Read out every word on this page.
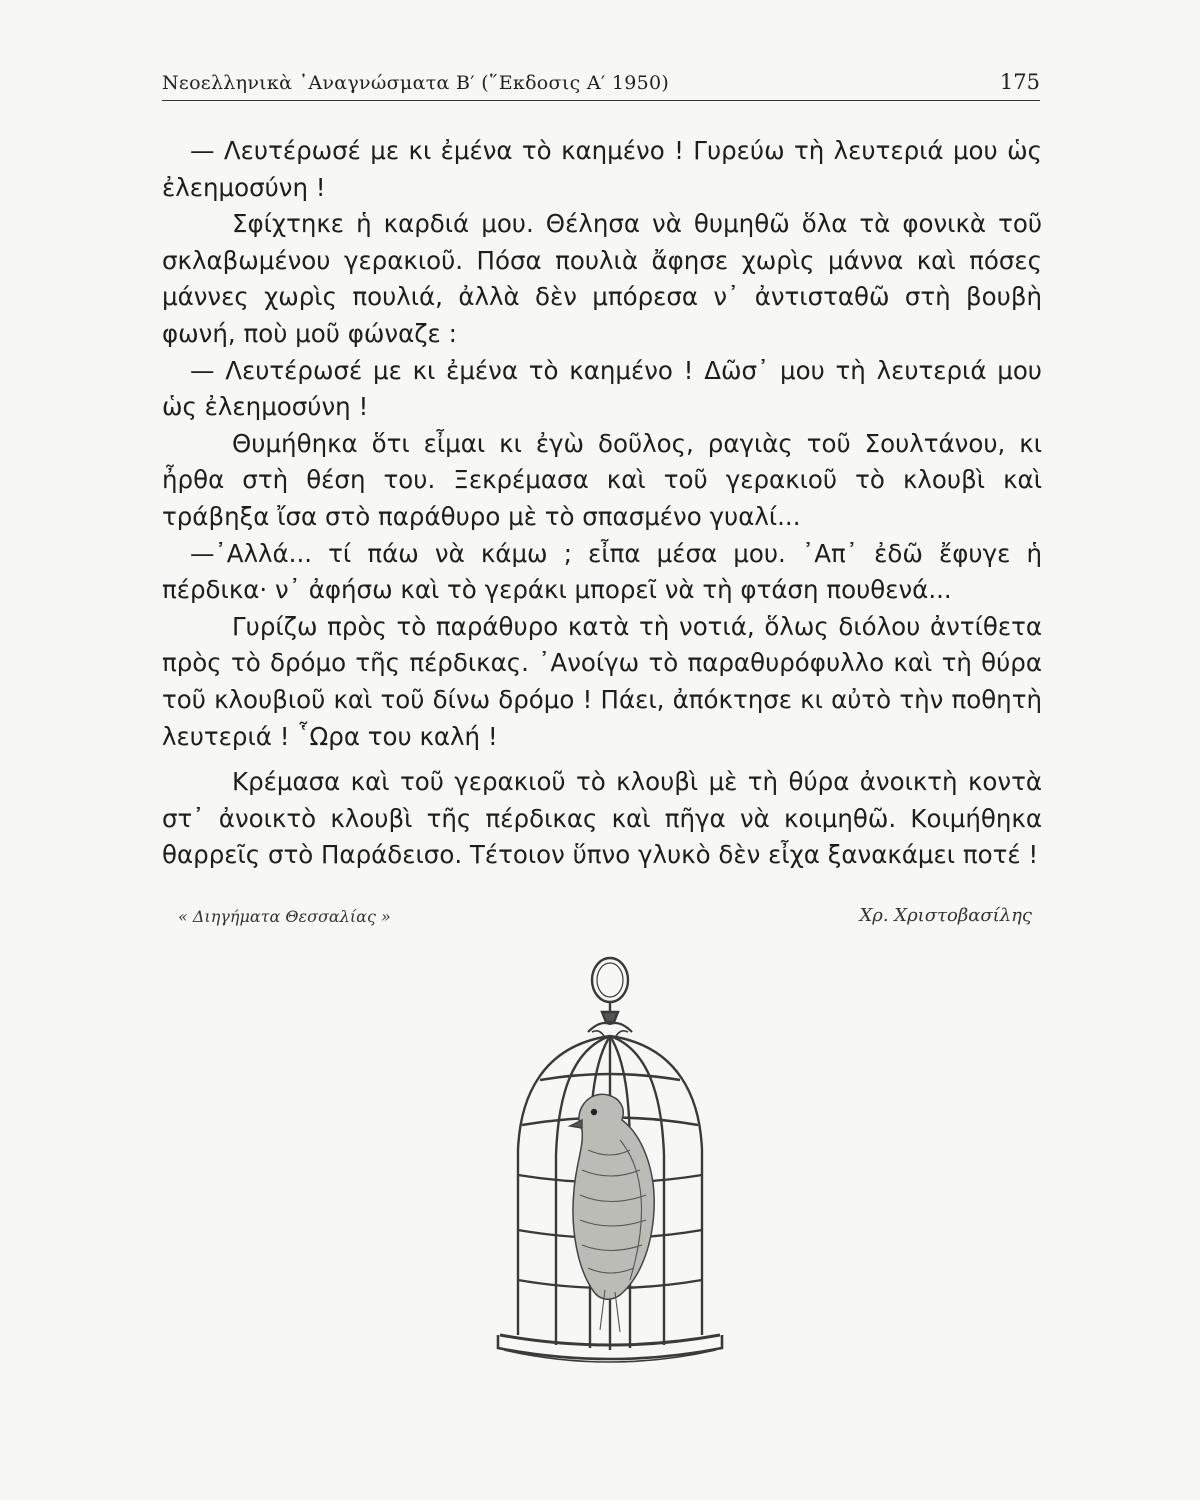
Νεοελληνικὰ ᾿Αναγνώσματα Β′ (῞Εκδοσις Α′ 1950)	175

— Λευτέρωσέ με κι ἐμένα τὸ καημένο ! Γυρεύω τὴ λευτεριά μου ὡς ἐλεημοσύνη !

Σφίχτηκε ἡ καρδιά μου. Θέλησα νὰ θυμηθῶ ὅλα τὰ φονικὰ τοῦ σκλαβωμένου γερακιοῦ. Πόσα πουλιὰ ἄφησε χωρὶς μάννα καὶ πόσες μάννες χωρὶς πουλιά, ἀλλὰ δὲν μπόρεσα ν᾿ ἀντισταθῶ στὴ βουβὴ φωνή, ποὺ μοῦ φώναζε :

— Λευτέρωσέ με κι ἐμένα τὸ καημένο ! Δῶσ᾿ μου τὴ λευτεριά μου ὡς ἐλεημοσύνη !

Θυμήθηκα ὅτι εἶμαι κι ἐγὼ δοῦλος, ραγιὰς τοῦ Σουλτάνου, κι ἦρθα στὴ θέση του. Ξεκρέμασα καὶ τοῦ γερακιοῦ τὸ κλουβὶ καὶ τράβηξα ἴσα στὸ παράθυρο μὲ τὸ σπασμένο γυαλί...

—᾿Αλλά... τί πάω νὰ κάμω ; εἶπα μέσα μου. ᾿Απ᾿ ἐδῶ ἔφυγε ἡ πέρδικα· ν᾿ ἀφήσω καὶ τὸ γεράκι μπορεῖ νὰ τὴ φτάση πουθενά...

Γυρίζω πρὸς τὸ παράθυρο κατὰ τὴ νοτιά, ὅλως διόλου ἀντίθετα πρὸς τὸ δρόμο τῆς πέρδικας. ᾿Ανοίγω τὸ παραθυρόφυλλο καὶ τὴ θύρα τοῦ κλουβιοῦ καὶ τοῦ δίνω δρόμο ! Πάει, ἀπόκτησε κι αὐτὸ τὴν ποθητὴ λευτεριά ! ῟Ωρα του καλή !

Κρέμασα καὶ τοῦ γερακιοῦ τὸ κλουβὶ μὲ τὴ θύρα ἀνοικτὴ κοντὰ στ᾿ ἀνοικτὸ κλουβὶ τῆς πέρδικας καὶ πῆγα νὰ κοιμηθῶ. Κοιμήθηκα θαρρεῖς στὸ Παράδεισο. Τέτοιον ὕπνο γλυκὸ δὲν εἶχα ξανακάμει ποτέ !

« Διηγήματα Θεσσαλίας »	Χρ. Χριστοβασίλης
